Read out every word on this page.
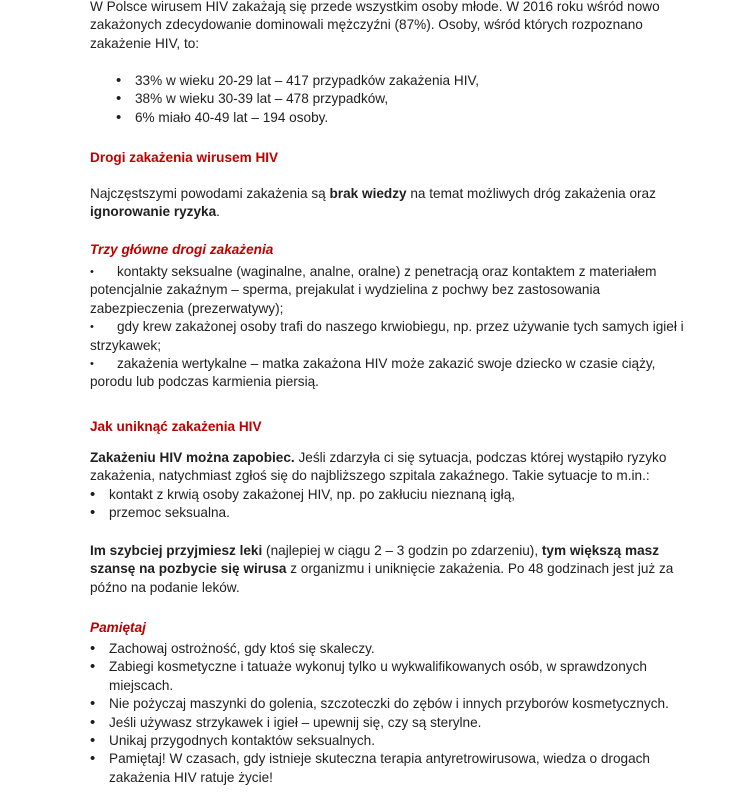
W Polsce wirusem HIV zakażają się przede wszystkim osoby młode. W 2016 roku wśród nowo zakażonych zdecydowanie dominowali mężczyźni (87%). Osoby, wśród których rozpoznano zakażenie HIV, to:

• 33% w wieku 20-29 lat – 417 przypadków zakażenia HIV,
• 38% w wieku 30-39 lat – 478 przypadków,
• 6% miało 40-49 lat – 194 osoby.
Drogi zakażenia wirusem HIV

Najczęstszymi powodami zakażenia są brak wiedzy na temat możliwych dróg zakażenia oraz ignorowanie ryzyka.

Trzy główne drogi zakażenia
• kontakty seksualne (waginalne, analne, oralne) z penetracją oraz kontaktem z materiałem potencjalnie zakaźnym – sperma, prejakulat i wydzielina z pochwy bez zastosowania zabezpieczenia (prezerwatywy);
• gdy krew zakażonej osoby trafi do naszego krwiobiegu, np. przez używanie tych samych igieł i strzykawek;
• zakażenia wertykalne – matka zakażona HIV może zakazić swoje dziecko w czasie ciąży, porodu lub podczas karmienia piersią.
Jak uniknąć zakażenia HIV

Zakażeniu HIV można zapobiec. Jeśli zdarzyła ci się sytuacja, podczas której wystąpiło ryzyko zakażenia, natychmiast zgłoś się do najbliższego szpitala zakaźnego. Takie sytuacje to m.in.:

• kontakt z krwią osoby zakażonej HIV, np. po zakłuciu nieznaną igłą,
• przemoc seksualna.

Im szybciej przyjmiesz leki (najlepiej w ciągu 2 – 3 godzin po zdarzeniu), tym większą masz szansę na pozbycie się wirusa z organizmu i uniknięcie zakażenia. Po 48 godzinach jest już za późno na podanie leków.

Pamiętaj
• Zachowaj ostrożność, gdy ktoś się skaleczy.
• Zabiegi kosmetyczne i tatuaże wykonuj tylko u wykwalifikowanych osób, w sprawdzonych miejscach.
• Nie pożyczaj maszynki do golenia, szczoteczki do zębów i innych przyborów kosmetycznych.
• Jeśli używasz strzykawek i igieł – upewnij się, czy są sterylne.
• Unikaj przygodnych kontaktów seksualnych.
• Pamiętaj! W czasach, gdy istnieje skuteczna terapia antyretrowirusowa, wiedza o drogach zakażenia HIV ratuje życie!
